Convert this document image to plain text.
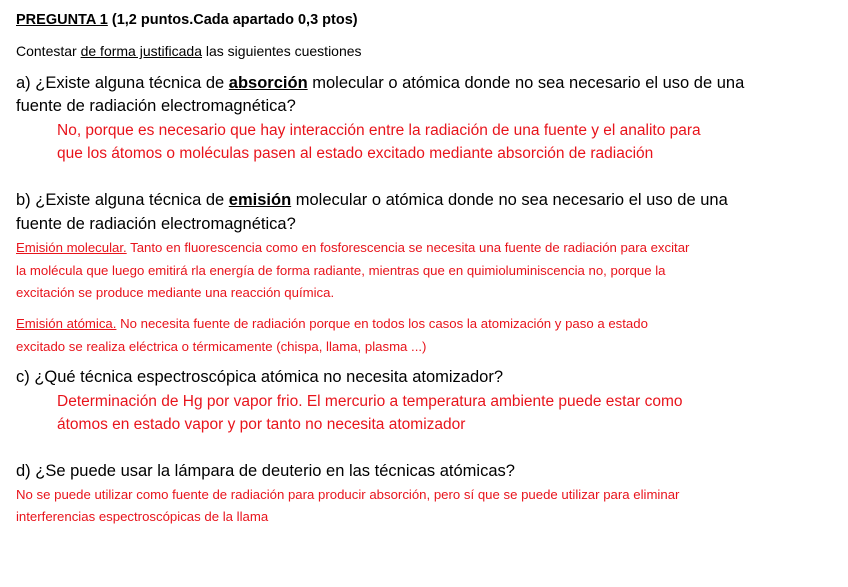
PREGUNTA 1 (1,2 puntos.Cada apartado 0,3 ptos)
Contestar de forma justificada las siguientes cuestiones
a) ¿Existe alguna técnica de absorción molecular o atómica donde no sea necesario el uso de una
fuente de radiación electromagnética?
No, porque es necesario que hay interacción entre la radiación de una fuente y el analito para
que los átomos o moléculas pasen al estado excitado mediante absorción de radiación
b) ¿Existe alguna técnica de emisión molecular o atómica donde no sea necesario el uso de una
fuente de radiación electromagnética?
Emisión molecular. Tanto en fluorescencia como en fosforescencia se necesita una fuente de radiación para excitar
la molécula que luego emitirá rla energía de forma radiante, mientras que en quimioluminiscencia no, porque la
excitación se produce mediante una reacción química.
Emisión atómica. No necesita fuente de radiación porque en todos los casos la atomización y paso a estado
excitado se realiza eléctrica o térmicamente (chispa, llama, plasma ...)
c) ¿Qué técnica espectroscópica atómica no necesita atomizador?
Determinación de Hg por vapor frio. El mercurio a temperatura ambiente puede estar como
átomos en estado vapor y por tanto no necesita atomizador
d) ¿Se puede usar la lámpara de deuterio en las técnicas atómicas?
No se puede utilizar como fuente de radiación para producir absorción, pero sí que se puede utilizar para eliminar
interferencias espectroscópicas de la llama
